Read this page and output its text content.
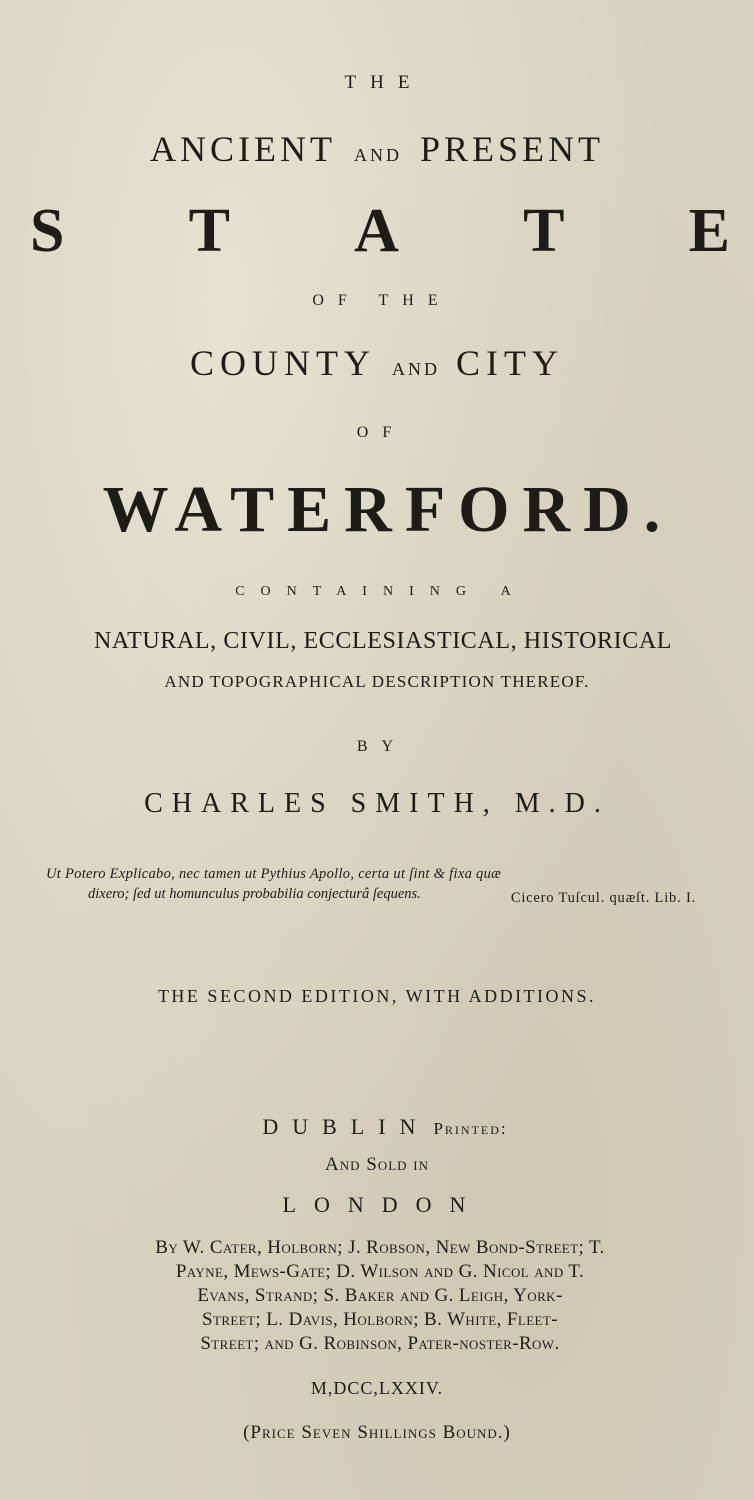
THE
ANCIENT AND PRESENT
S T A T E
OF THE
COUNTY AND CITY
OF
WATERFORD.
CONTAINING A
NATURAL, CIVIL, ECCLESIASTICAL, HISTORICAL
AND TOPOGRAPHICAL DESCRIPTION THEREOF.
BY
CHARLES SMITH, M.D.
Ut Potero Explicabo, nec tamen ut Pythius Apollo, certa ut ſint & fixa quæ
dixero; ſed ut homunculus probabilia conjecturâ ſequens.	Cicero Tuſcul. quæſt. Lib. I.
THE SECOND EDITION, WITH ADDITIONS.
DUBLIN Printed:
And Sold in
LONDON
By W. Cater, Holborn; J. Robson, New Bond-Street; T.
Payne, Mews-Gate; D. Wilson and G. Nicol and T.
Evans, Strand; S. Baker and G. Leigh, York-
Street; L. Davis, Holborn; B. White, Fleet-
Street; and G. Robinson, Pater-noſter-Row.
M,DCC,LXXIV.
(Price Seven Shillings Bound.)
